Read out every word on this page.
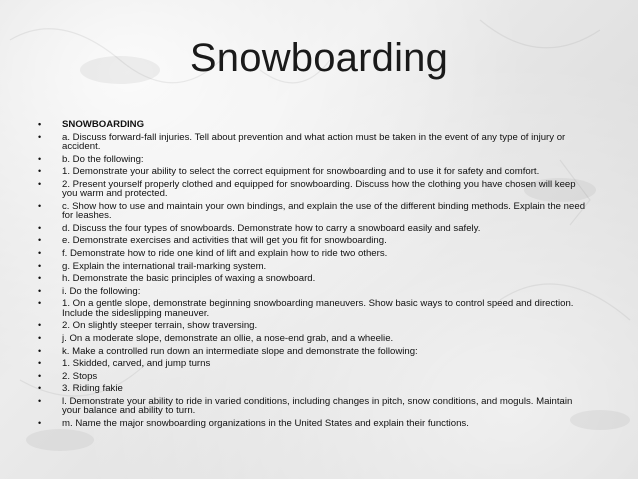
Snowboarding
• SNOWBOARDING
• a. Discuss forward-fall injuries. Tell about prevention and what action must be taken in the event of any type of injury or accident.
• b. Do the following:
• 1. Demonstrate your ability to select the correct equipment for snowboarding and to use it for safety and comfort.
• 2. Present yourself properly clothed and equipped for snowboarding. Discuss how the clothing you have chosen will keep you warm and protected.
• c. Show how to use and maintain your own bindings, and explain the use of the different binding methods. Explain the need for leashes.
• d. Discuss the four types of snowboards. Demonstrate how to carry a snowboard easily and safely.
• e. Demonstrate exercises and activities that will get you fit for snowboarding.
• f. Demonstrate how to ride one kind of lift and explain how to ride two others.
• g. Explain the international trail-marking system.
• h. Demonstrate the basic principles of waxing a snowboard.
• i. Do the following:
• 1. On a gentle slope, demonstrate beginning snowboarding maneuvers. Show basic ways to control speed and direction. Include the sideslipping maneuver.
• 2. On slightly steeper terrain, show traversing.
• j. On a moderate slope, demonstrate an ollie, a nose-end grab, and a wheelie.
• k. Make a controlled run down an intermediate slope and demonstrate the following:
• 1. Skidded, carved, and jump turns
• 2. Stops
• 3. Riding fakie
• l. Demonstrate your ability to ride in varied conditions, including changes in pitch, snow conditions, and moguls. Maintain your balance and ability to turn.
• m. Name the major snowboarding organizations in the United States and explain their functions.
